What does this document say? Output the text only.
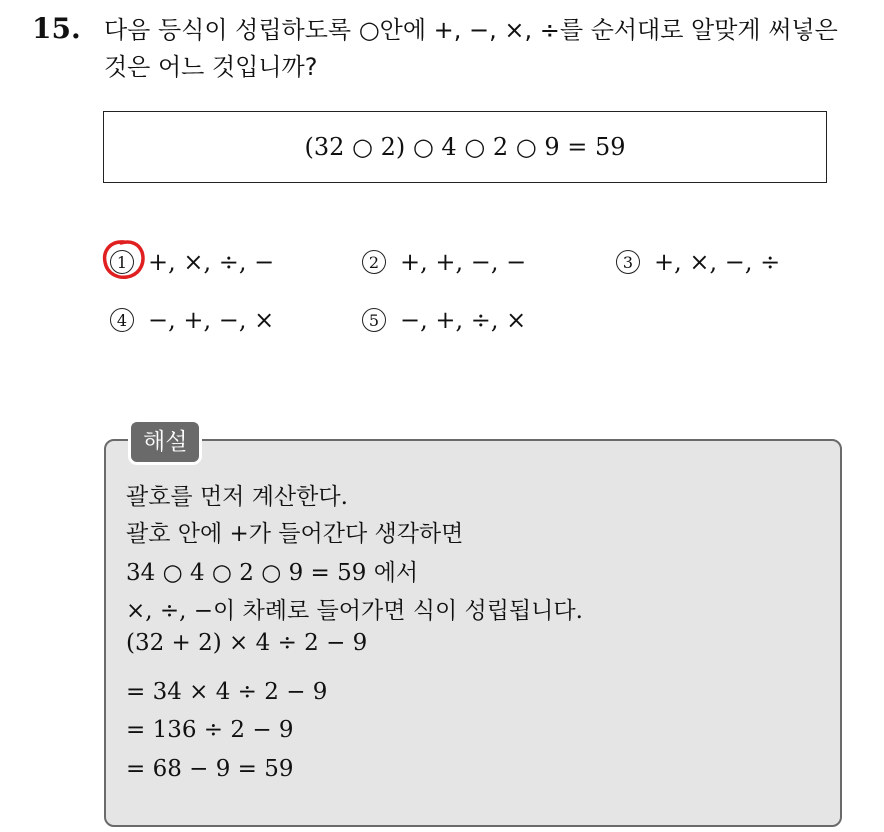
15. 다음 등식이 성립하도록 ○안에 +, −, ×, ÷를 순서대로 알맞게 써넣은 것은 어느 것입니까?
(32 ○ 2) ○ 4 ○ 2 ○ 9 = 59
1 +, ×, ÷, −	2 +, +, −, −	3 +, ×, −, ÷
4 −, +, −, ×	5 −, +, ÷, ×
해설
괄호를 먼저 계산한다.
괄호 안에 +가 들어간다 생각하면
34 ○ 4 ○ 2 ○ 9 = 59 에서
×, ÷, −이 차례로 들어가면 식이 성립됩니다.
(32 + 2) × 4 ÷ 2 − 9
= 34 × 4 ÷ 2 − 9
= 136 ÷ 2 − 9
= 68 − 9 = 59
